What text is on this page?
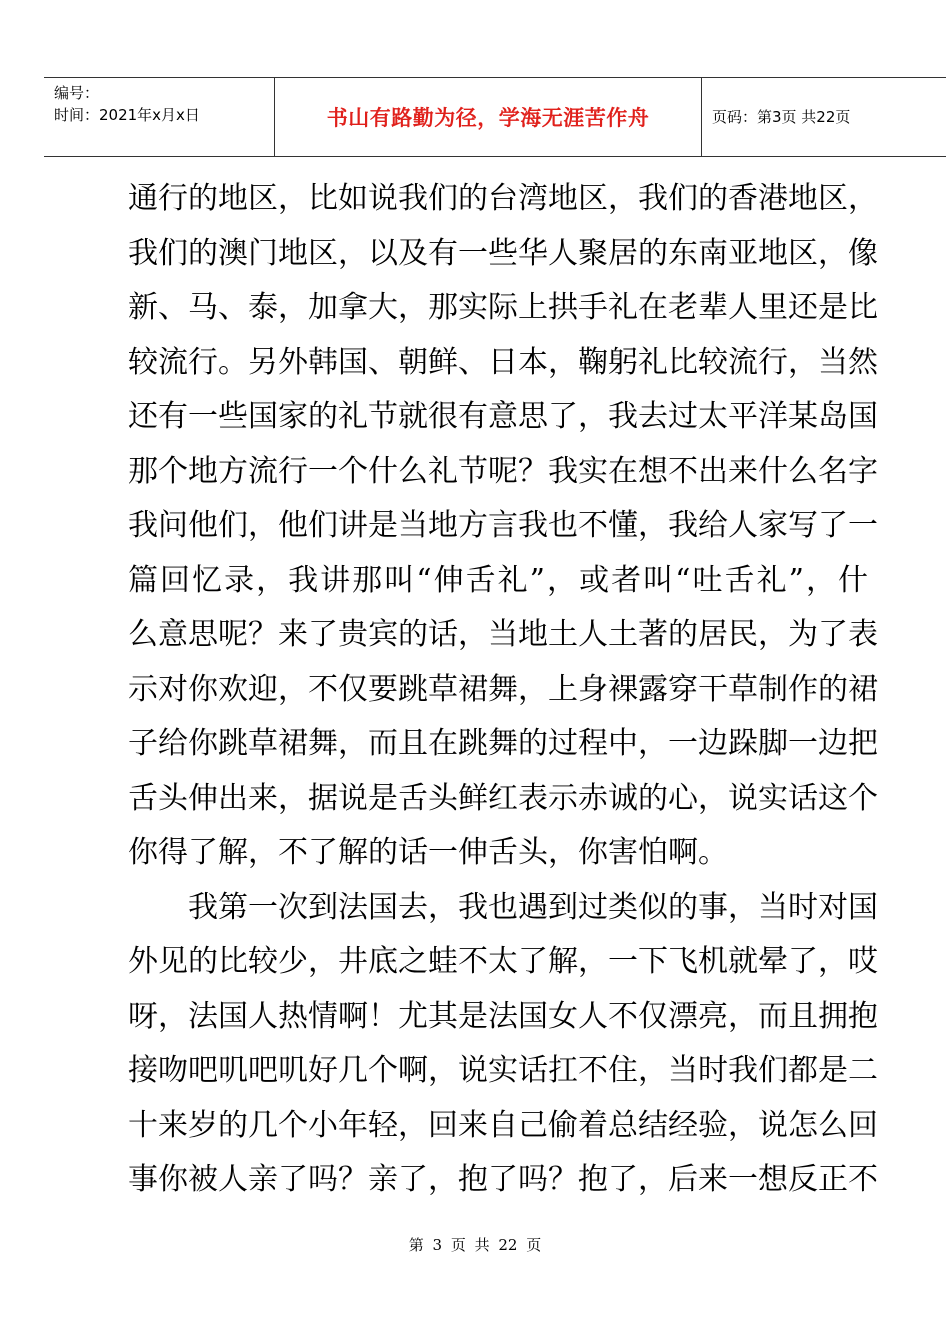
编号：
时间：2021年x月x日	书山有路勤为径，学海无涯苦作舟	页码：第3页 共22页
通行的地区，比如说我们的台湾地区，我们的香港地区，
我们的澳门地区，以及有一些华人聚居的东南亚地区，像
新、马、泰，加拿大，那实际上拱手礼在老辈人里还是比
较流行。另外韩国、朝鲜、日本，鞠躬礼比较流行，当然
还有一些国家的礼节就很有意思了，我去过太平洋某岛国
那个地方流行一个什么礼节呢？我实在想不出来什么名字
我问他们，他们讲是当地方言我也不懂，我给人家写了一
篇回忆录，我讲那叫“伸舌礼”，或者叫“吐舌礼”，什
么意思呢？来了贵宾的话，当地土人土著的居民，为了表
示对你欢迎，不仅要跳草裙舞，上身裸露穿干草制作的裙
子给你跳草裙舞，而且在跳舞的过程中，一边跺脚一边把
舌头伸出来，据说是舌头鲜红表示赤诚的心，说实话这个
你得了解，不了解的话一伸舌头，你害怕啊。
我第一次到法国去，我也遇到过类似的事，当时对国
外见的比较少，井底之蛙不太了解，一下飞机就晕了，哎
呀，法国人热情啊！尤其是法国女人不仅漂亮，而且拥抱
接吻吧叽吧叽好几个啊，说实话扛不住，当时我们都是二
十来岁的几个小年轻，回来自己偷着总结经验，说怎么回
事你被人亲了吗？亲了，抱了吗？抱了，后来一想反正不
第 3 页 共 22 页
